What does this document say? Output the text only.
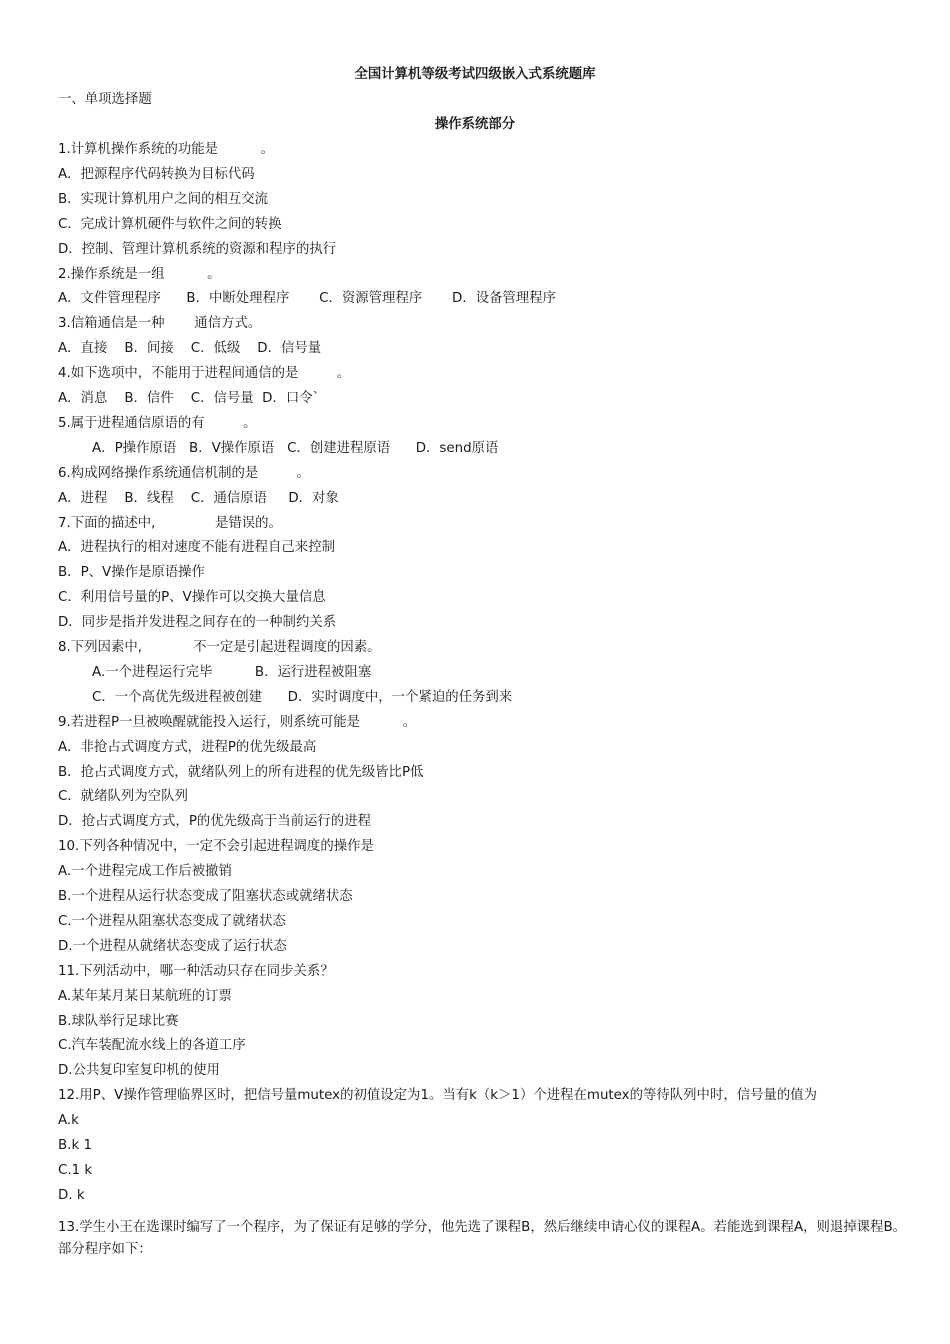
全国计算机等级考试四级嵌入式系统题库
一、单项选择题
操作系统部分
1.计算机操作系统的功能是          。
A．把源程序代码转换为目标代码
B．实现计算机用户之间的相互交流
C．完成计算机硬件与软件之间的转换
D．控制、管理计算机系统的资源和程序的执行
2.操作系统是一组          。
A．文件管理程序      B．中断处理程序       C．资源管理程序       D．设备管理程序
3.信箱通信是一种       通信方式。
A．直接    B．间接    C．低级    D．信号量
4.如下选项中，不能用于进程间通信的是         。
A．消息    B．信件    C．信号量  D．口令`
5.属于进程通信原语的有         。
A．P操作原语   B．V操作原语   C．创建进程原语      D．send原语
6.构成网络操作系统通信机制的是         。
A．进程    B．线程    C．通信原语     D．对象
7.下面的描述中,              是错误的。
A．进程执行的相对速度不能有进程自己来控制
B．P、V操作是原语操作
C．利用信号量的P、V操作可以交换大量信息
D．同步是指并发进程之间存在的一种制约关系
8.下列因素中,            不一定是引起进程调度的因素。
A.一个进程运行完毕          B．运行进程被阻塞
C．一个高优先级进程被创建      D．实时调度中，一个紧迫的任务到来
9.若进程P一旦被唤醒就能投入运行，则系统可能是          。
A．非抢占式调度方式，进程P的优先级最高
B．抢占式调度方式，就绪队列上的所有进程的优先级皆比P低
C．就绪队列为空队列
D．抢占式调度方式，P的优先级高于当前运行的进程
10.下列各种情况中，一定不会引起进程调度的操作是
A.一个进程完成工作后被撤销
B.一个进程从运行状态变成了阻塞状态或就绪状态
C.一个进程从阻塞状态变成了就绪状态
D.一个进程从就绪状态变成了运行状态
11.下列活动中，哪一种活动只存在同步关系？
A.某年某月某日某航班的订票
B.球队举行足球比赛
C.汽车装配流水线上的各道工序
D.公共复印室复印机的使用
12.用P、V操作管理临界区时，把信号量mutex的初值设定为1。当有k（k＞1）个进程在mutex的等待队列中时，信号量的值为
A.k
B.k 1
C.1 k
D. k
13.学生小王在选课时编写了一个程序，为了保证有足够的学分，他先选了课程B，然后继续申请心仪的课程A。若能选到课程A，则退掉课程B。部分程序如下：
